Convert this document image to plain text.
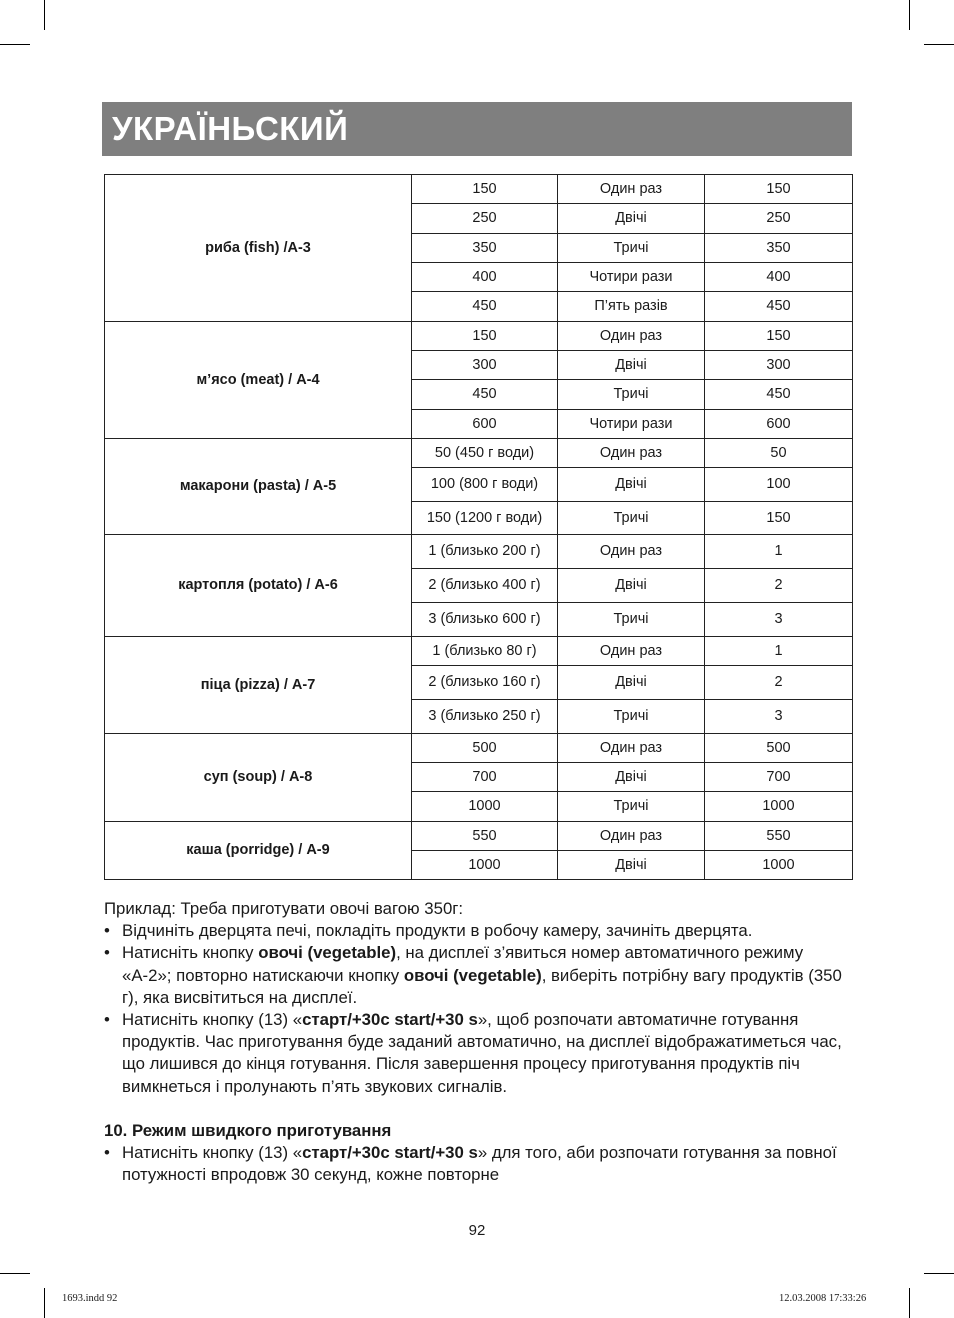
УКРАЇНЬСКИЙ
риба (fish) /А-3	150	Один раз	150
	250	Двічі	250
	350	Тричі	350
	400	Чотири рази	400
	450	П’ять разів	450
м’ясо (meat) / А-4	150	Один раз	150
	300	Двічі	300
	450	Тричі	450
	600	Чотири рази	600
макарони (pasta) / А-5	50 (450 г води)	Один раз	50
	100 (800 г води)	Двічі	100
	150 (1200 г води)	Тричі	150
картопля (potato) / А-6	1 (близько 200 г)	Один раз	1
	2 (близько 400 г)	Двічі	2
	3 (близько 600 г)	Тричі	3
піца (pizza) / А-7	1 (близько 80 г)	Один раз	1
	2 (близько 160 г)	Двічі	2
	3 (близько 250 г)	Тричі	3
суп (soup) / А-8	500	Один раз	500
	700	Двічі	700
	1000	Тричі	1000
каша (porridge) / А-9	550	Один раз	550
	1000	Двічі	1000

Приклад: Треба приготувати овочі вагою 350г:

• Відчиніть дверцята печі, покладіть продукти в робочу камеру, зачиніть дверцята.
• Натисніть кнопку овочі (vegetable), на дисплеї з’явиться номер автоматичного режиму «А-2»; повторно натискаючи кнопку овочі (vegetable), виберіть потрібну вагу продуктів (350 г), яка висвітиться на дисплеї.
• Натисніть кнопку (13) «старт/+30c start/+30 s», щоб розпочати автоматичне готування продуктів. Час приготування буде заданий автоматично, на дисплеї відображатиметься час, що лишився до кінця готування. Після завершення процесу приготування продуктів піч вимкнеться і пролунають п’ять звукових сигналів.

10. Режим швидкого приготування

• Натисніть кнопку (13) «старт/+30c start/+30 s» для того, аби розпочати готування за повної потужності впродовж 30 секунд, кожне повторне
92
1693.indd 92	12.03.2008 17:33:26
